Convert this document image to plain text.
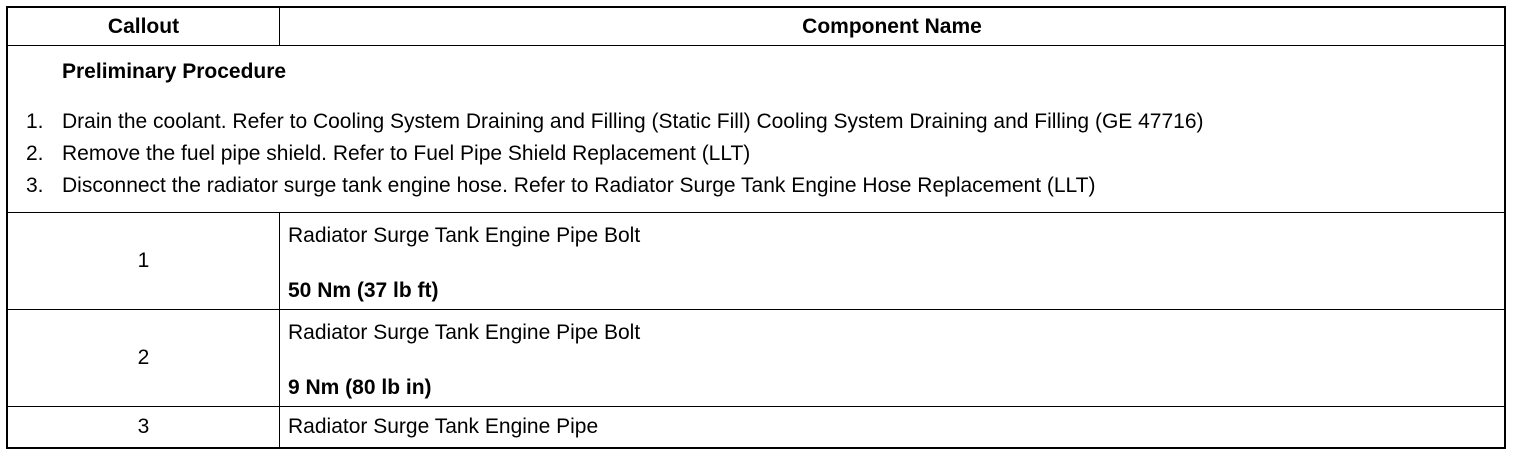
Callout	Component Name
Preliminary Procedure
1. Drain the coolant. Refer to Cooling System Draining and Filling (Static Fill) Cooling System Draining and Filling (GE 47716)
2. Remove the fuel pipe shield. Refer to Fuel Pipe Shield Replacement (LLT)
3. Disconnect the radiator surge tank engine hose. Refer to Radiator Surge Tank Engine Hose Replacement (LLT)
1
Radiator Surge Tank Engine Pipe Bolt
50 Nm (37 lb ft)
2
Radiator Surge Tank Engine Pipe Bolt
9 Nm (80 lb in)
3	Radiator Surge Tank Engine Pipe
